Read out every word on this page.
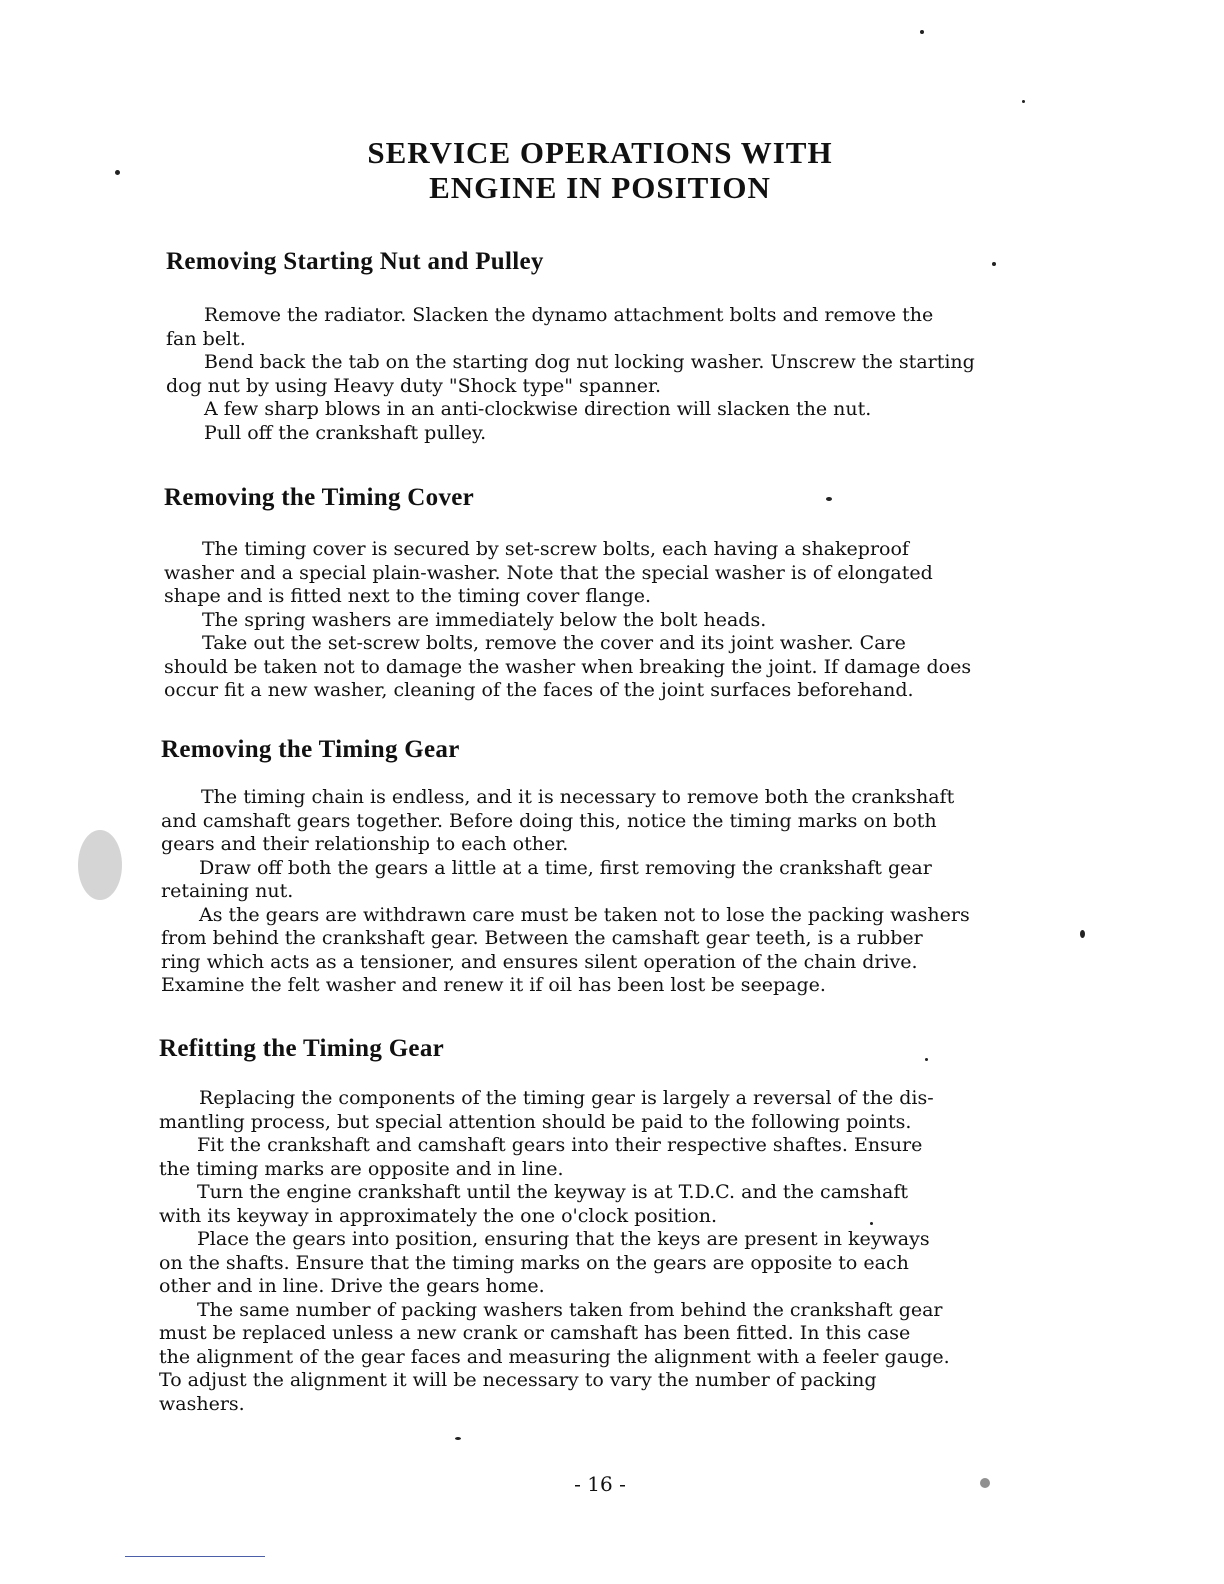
SERVICE OPERATIONS WITH
ENGINE IN POSITION
Removing Starting Nut and Pulley

Remove the radiator. Slacken the dynamo attachment bolts and remove the

fan belt.

Bend back the tab on the starting dog nut locking washer. Unscrew the starting

dog nut by using Heavy duty "Shock type" spanner.

A few sharp blows in an anti-clockwise direction will slacken the nut.

Pull off the crankshaft pulley.

Removing the Timing Cover

The timing cover is secured by set-screw bolts, each having a shakeproof

washer and a special plain-washer. Note that the special washer is of elongated

shape and is fitted next to the timing cover flange.

The spring washers are immediately below the bolt heads.

Take out the set-screw bolts, remove the cover and its joint washer. Care

should be taken not to damage the washer when breaking the joint. If damage does

occur fit a new washer, cleaning of the faces of the joint surfaces beforehand.

Removing the Timing Gear

The timing chain is endless, and it is necessary to remove both the crankshaft

and camshaft gears together. Before doing this, notice the timing marks on both

gears and their relationship to each other.

Draw off both the gears a little at a time, first removing the crankshaft gear

retaining nut.

As the gears are withdrawn care must be taken not to lose the packing washers

from behind the crankshaft gear. Between the camshaft gear teeth, is a rubber

ring which acts as a tensioner, and ensures silent operation of the chain drive.

Examine the felt washer and renew it if oil has been lost be seepage.

Refitting the Timing Gear

Replacing the components of the timing gear is largely a reversal of the dis-

mantling process, but special attention should be paid to the following points.

Fit the crankshaft and camshaft gears into their respective shaftes. Ensure

the timing marks are opposite and in line.

Turn the engine crankshaft until the keyway is at T.D.C. and the camshaft

with its keyway in approximately the one o'clock position.

Place the gears into position, ensuring that the keys are present in keyways

on the shafts. Ensure that the timing marks on the gears are opposite to each

other and in line. Drive the gears home.

The same number of packing washers taken from behind the crankshaft gear

must be replaced unless a new crank or camshaft has been fitted. In this case

the alignment of the gear faces and measuring the alignment with a feeler gauge.

To adjust the alignment it will be necessary to vary the number of packing

washers.

- 16 -
